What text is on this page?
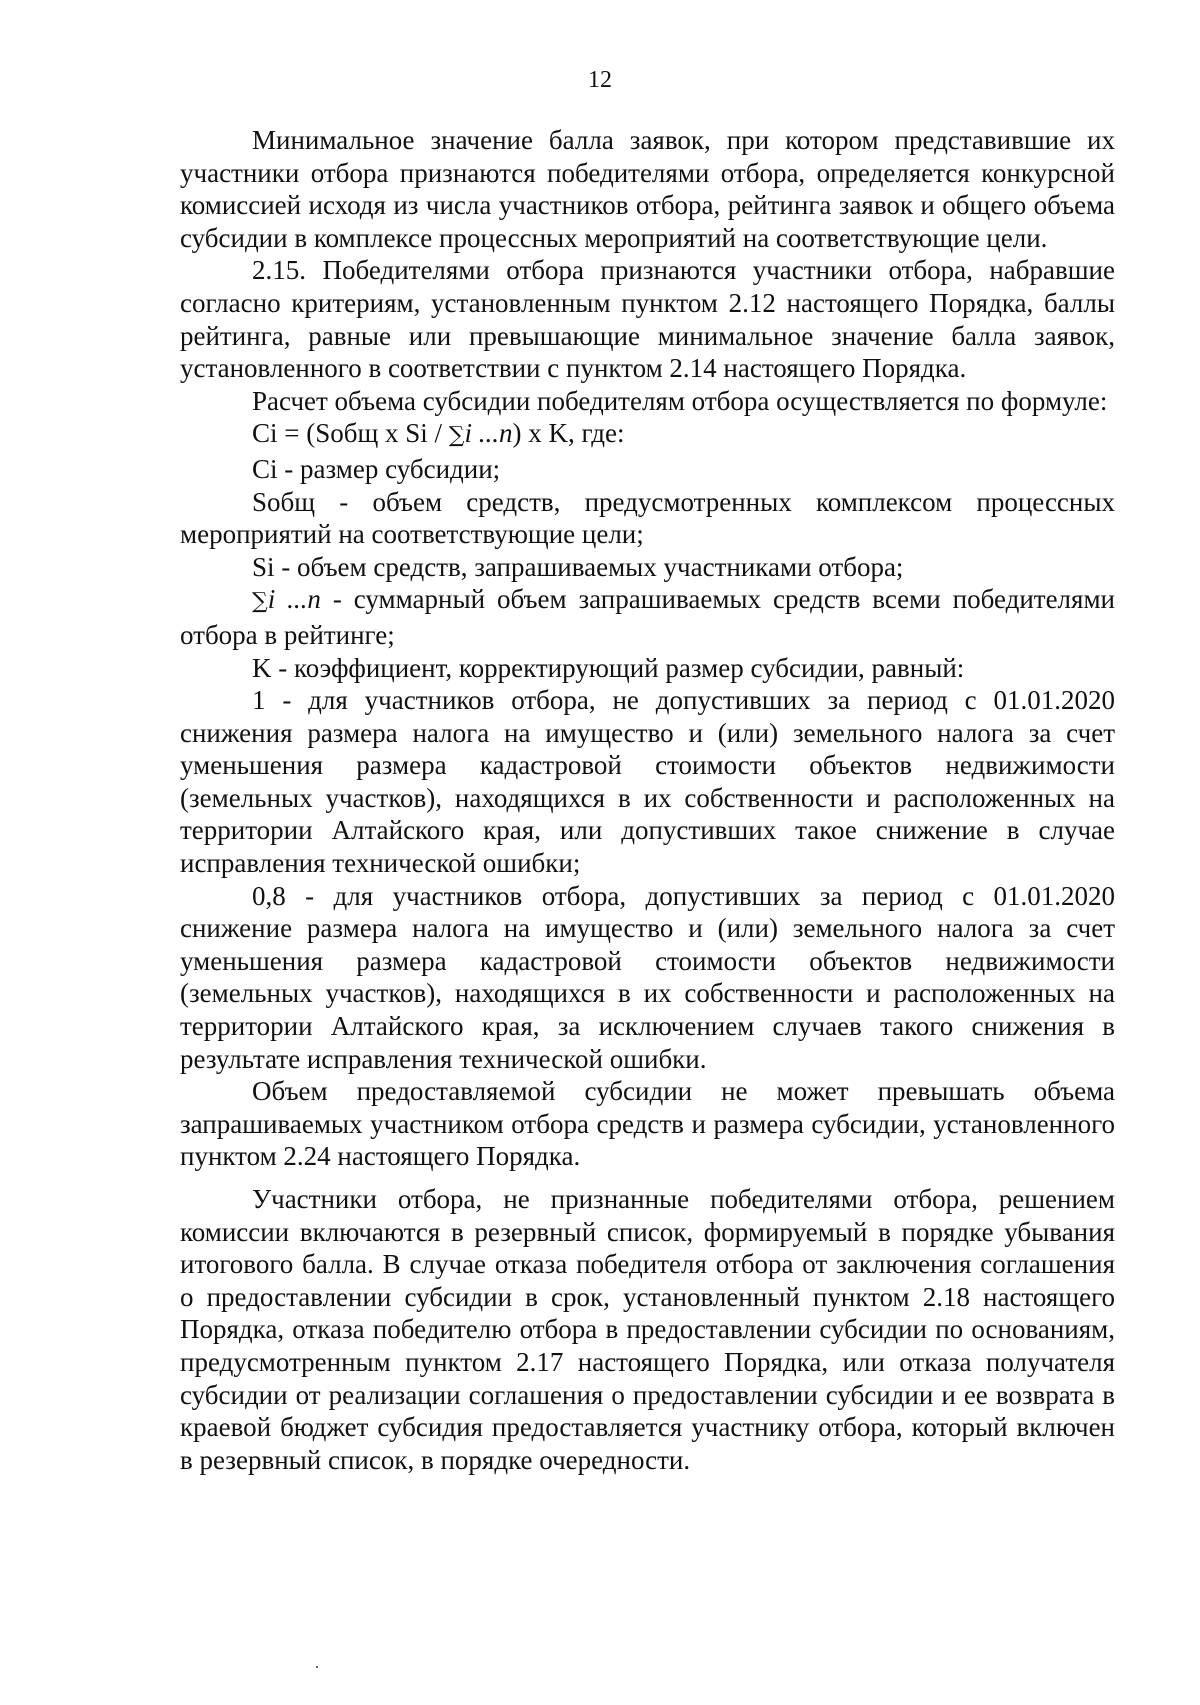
12

Минимальное значение балла заявок, при котором представившие их участники отбора признаются победителями отбора, определяется конкурсной комиссией исходя из числа участников отбора, рейтинга заявок и общего объема субсидии в комплексе процессных мероприятий на соответствующие цели.

2.15. Победителями отбора признаются участники отбора, набравшие согласно критериям, установленным пунктом 2.12 настоящего Порядка, баллы рейтинга, равные или превышающие минимальное значение балла заявок, установленного в соответствии с пунктом 2.14 настоящего Порядка.

Расчет объема субсидии победителям отбора осуществляется по формуле:

Ci = (Sобщ x Si / ∑i ...n) x K, где:

Ci - размер субсидии;

Sобщ - объем средств, предусмотренных комплексом процессных мероприятий на соответствующие цели;

Si - объем средств, запрашиваемых участниками отбора;

∑i ...n - суммарный объем запрашиваемых средств всеми победителями отбора в рейтинге;

K - коэффициент, корректирующий размер субсидии, равный:

1 - для участников отбора, не допустивших за период с 01.01.2020 снижения размера налога на имущество и (или) земельного налога за счет уменьшения размера кадастровой стоимости объектов недвижимости (земельных участков), находящихся в их собственности и расположенных на территории Алтайского края, или допустивших такое снижение в случае исправления технической ошибки;

0,8 - для участников отбора, допустивших за период с 01.01.2020 снижение размера налога на имущество и (или) земельного налога за счет уменьшения размера кадастровой стоимости объектов недвижимости (земельных участков), находящихся в их собственности и расположенных на территории Алтайского края, за исключением случаев такого снижения в результате исправления технической ошибки.

Объем предоставляемой субсидии не может превышать объема запрашиваемых участником отбора средств и размера субсидии, установленного пунктом 2.24 настоящего Порядка.

Участники отбора, не признанные победителями отбора, решением комиссии включаются в резервный список, формируемый в порядке убывания итогового балла. В случае отказа победителя отбора от заключения соглашения о предоставлении субсидии в срок, установленный пунктом 2.18 настоящего Порядка, отказа победителю отбора в предоставлении субсидии по основаниям, предусмотренным пунктом 2.17 настоящего Порядка, или отказа получателя субсидии от реализации соглашения о предоставлении субсидии и ее возврата в краевой бюджет субсидия предоставляется участнику отбора, который включен в резервный список, в порядке очередности.
